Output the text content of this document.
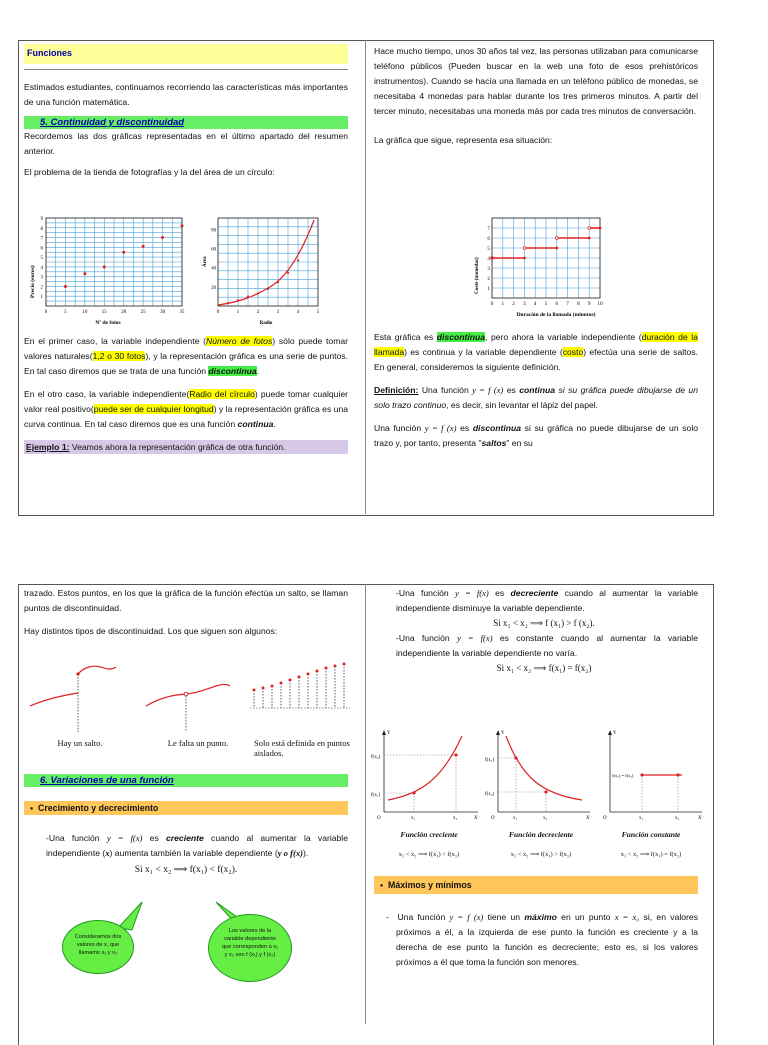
Funciones

Estimados estudiantes, continuamos recorriendo las características más importantes de una función matemática.

5. Continuidad y discontinuidad

Recordemos las dos gráficas representadas en el último apartado del resumen anterior.

El problema de la tienda de fotografías y la del área de un círculo:

Precio (euros)
Nº de fotos
0	5	10	15	20	25	30	35
1
2
3
4
5
6
7
8
9
Área
Radio
0	1	2	3	4	5
20
40
60
80

En el primer caso, la variable independiente (Número de fotos) sólo puede tomar valores naturales(1,2 o 30 fotos), y la representación gráfica es una serie de puntos. En tal caso diremos que se trata de una función discontinua.

En el otro caso, la variable independiente(Radio del círculo) puede tomar cualquier valor real positivo(puede ser de cualquier longitud) y la representación gráfica es una curva continua. En tal caso diremos que es una función continua.

Ejemplo 1: Veamos ahora la representación gráfica de otra función.

Hace mucho tiempo, unos 30 años tal vez, las personas utilizaban para comunicarse teléfono públicos (Pueden buscar en la web una foto de esos prehistóricos instrumentos). Cuando se hacía una llamada en un teléfono público de monedas, se necesitaba 4 monedas para hablar durante los tres primeros minutos. A partir del tercer minuto, necesitabas una moneda más por cada tres minutos de conversación.

La gráfica que sigue, representa esa situación:

Coste (monedas)
Duración de la llamada (minutos)
0 1 2 3 4 5 6 7 8 9 10
1
2
3
4
5
6
7

Esta gráfica es discontinua, pero ahora la variable independiente (duración de la llamada) es continua y la variable dependiente (costo) efectúa una serie de saltos. En general, consideremos la siguiente definición.

Definición: Una función y = f (x) es continua si su gráfica puede dibujarse de un solo trazo continuo, es decir, sin levantar el lápiz del papel.

Una función y = f (x) es discontinua si su gráfica no puede dibujarse de un solo trazo y, por tanto, presenta "saltos" en su

trazado. Estos puntos, en los que la gráfica de la función efectúa un salto, se llaman puntos de discontinuidad.

Hay distintos tipos de discontinuidad. Los que siguen son algunos:

Hay un salto.	Le falta un punto.	Solo está definida en puntos aislados.
6. Variaciones de una función
▪  Crecimiento y decrecimiento

-Una función y = f(x) es creciente cuando al aumentar la variable independiente (x) aumenta también la variable dependiente (y o f(x)).

Si x₁ < x₂ ⟹ f(x₁) < f(x₂).
Consideramos dos valores de x, que llamamo x₁ y x₂
Los valores de la variable dependiente que corresponden a x₁ y x₂ son f (x₁) y f (x₂)

-Una función y = f(x) es decreciente cuando al aumentar la variable independiente disminuye la variable dependiente.

Si x₁ < x₂ ⟹ f (x₁) > f (x₂).

-Una función y = f(x) es constante cuando al aumentar la variable independiente la variable dependiente no varía.

Si x₁ < x₂ ⟹ f(x₁) = f(x₂)
f(x₂)
f(x₁)
x₁	x₂
O
Y
X
f(x₁)
f(x₂)
x₁	x₂
O
Y
X
f(x₁) = f(x₂)
x₁	x₂
O
Y
X
Función creciente	Función decreciente	Función constante
x₁ < x₂ ⟹ f(x₁) < f(x₂)	x₁ < x₂ ⟹ f(x₁) > f(x₂)	x₁ < x₂ ⟹ f(x₁) = f(x₂)
▪  Máximos y mínimos

-  Una función y = f (x) tiene un máximo en un punto x = x₀ si, en valores próximos a él, a la izquierda de ese punto la función es creciente y a la derecha de ese punto la función es decreciente; esto es, si los valores próximos a él que toma la función son menores.
